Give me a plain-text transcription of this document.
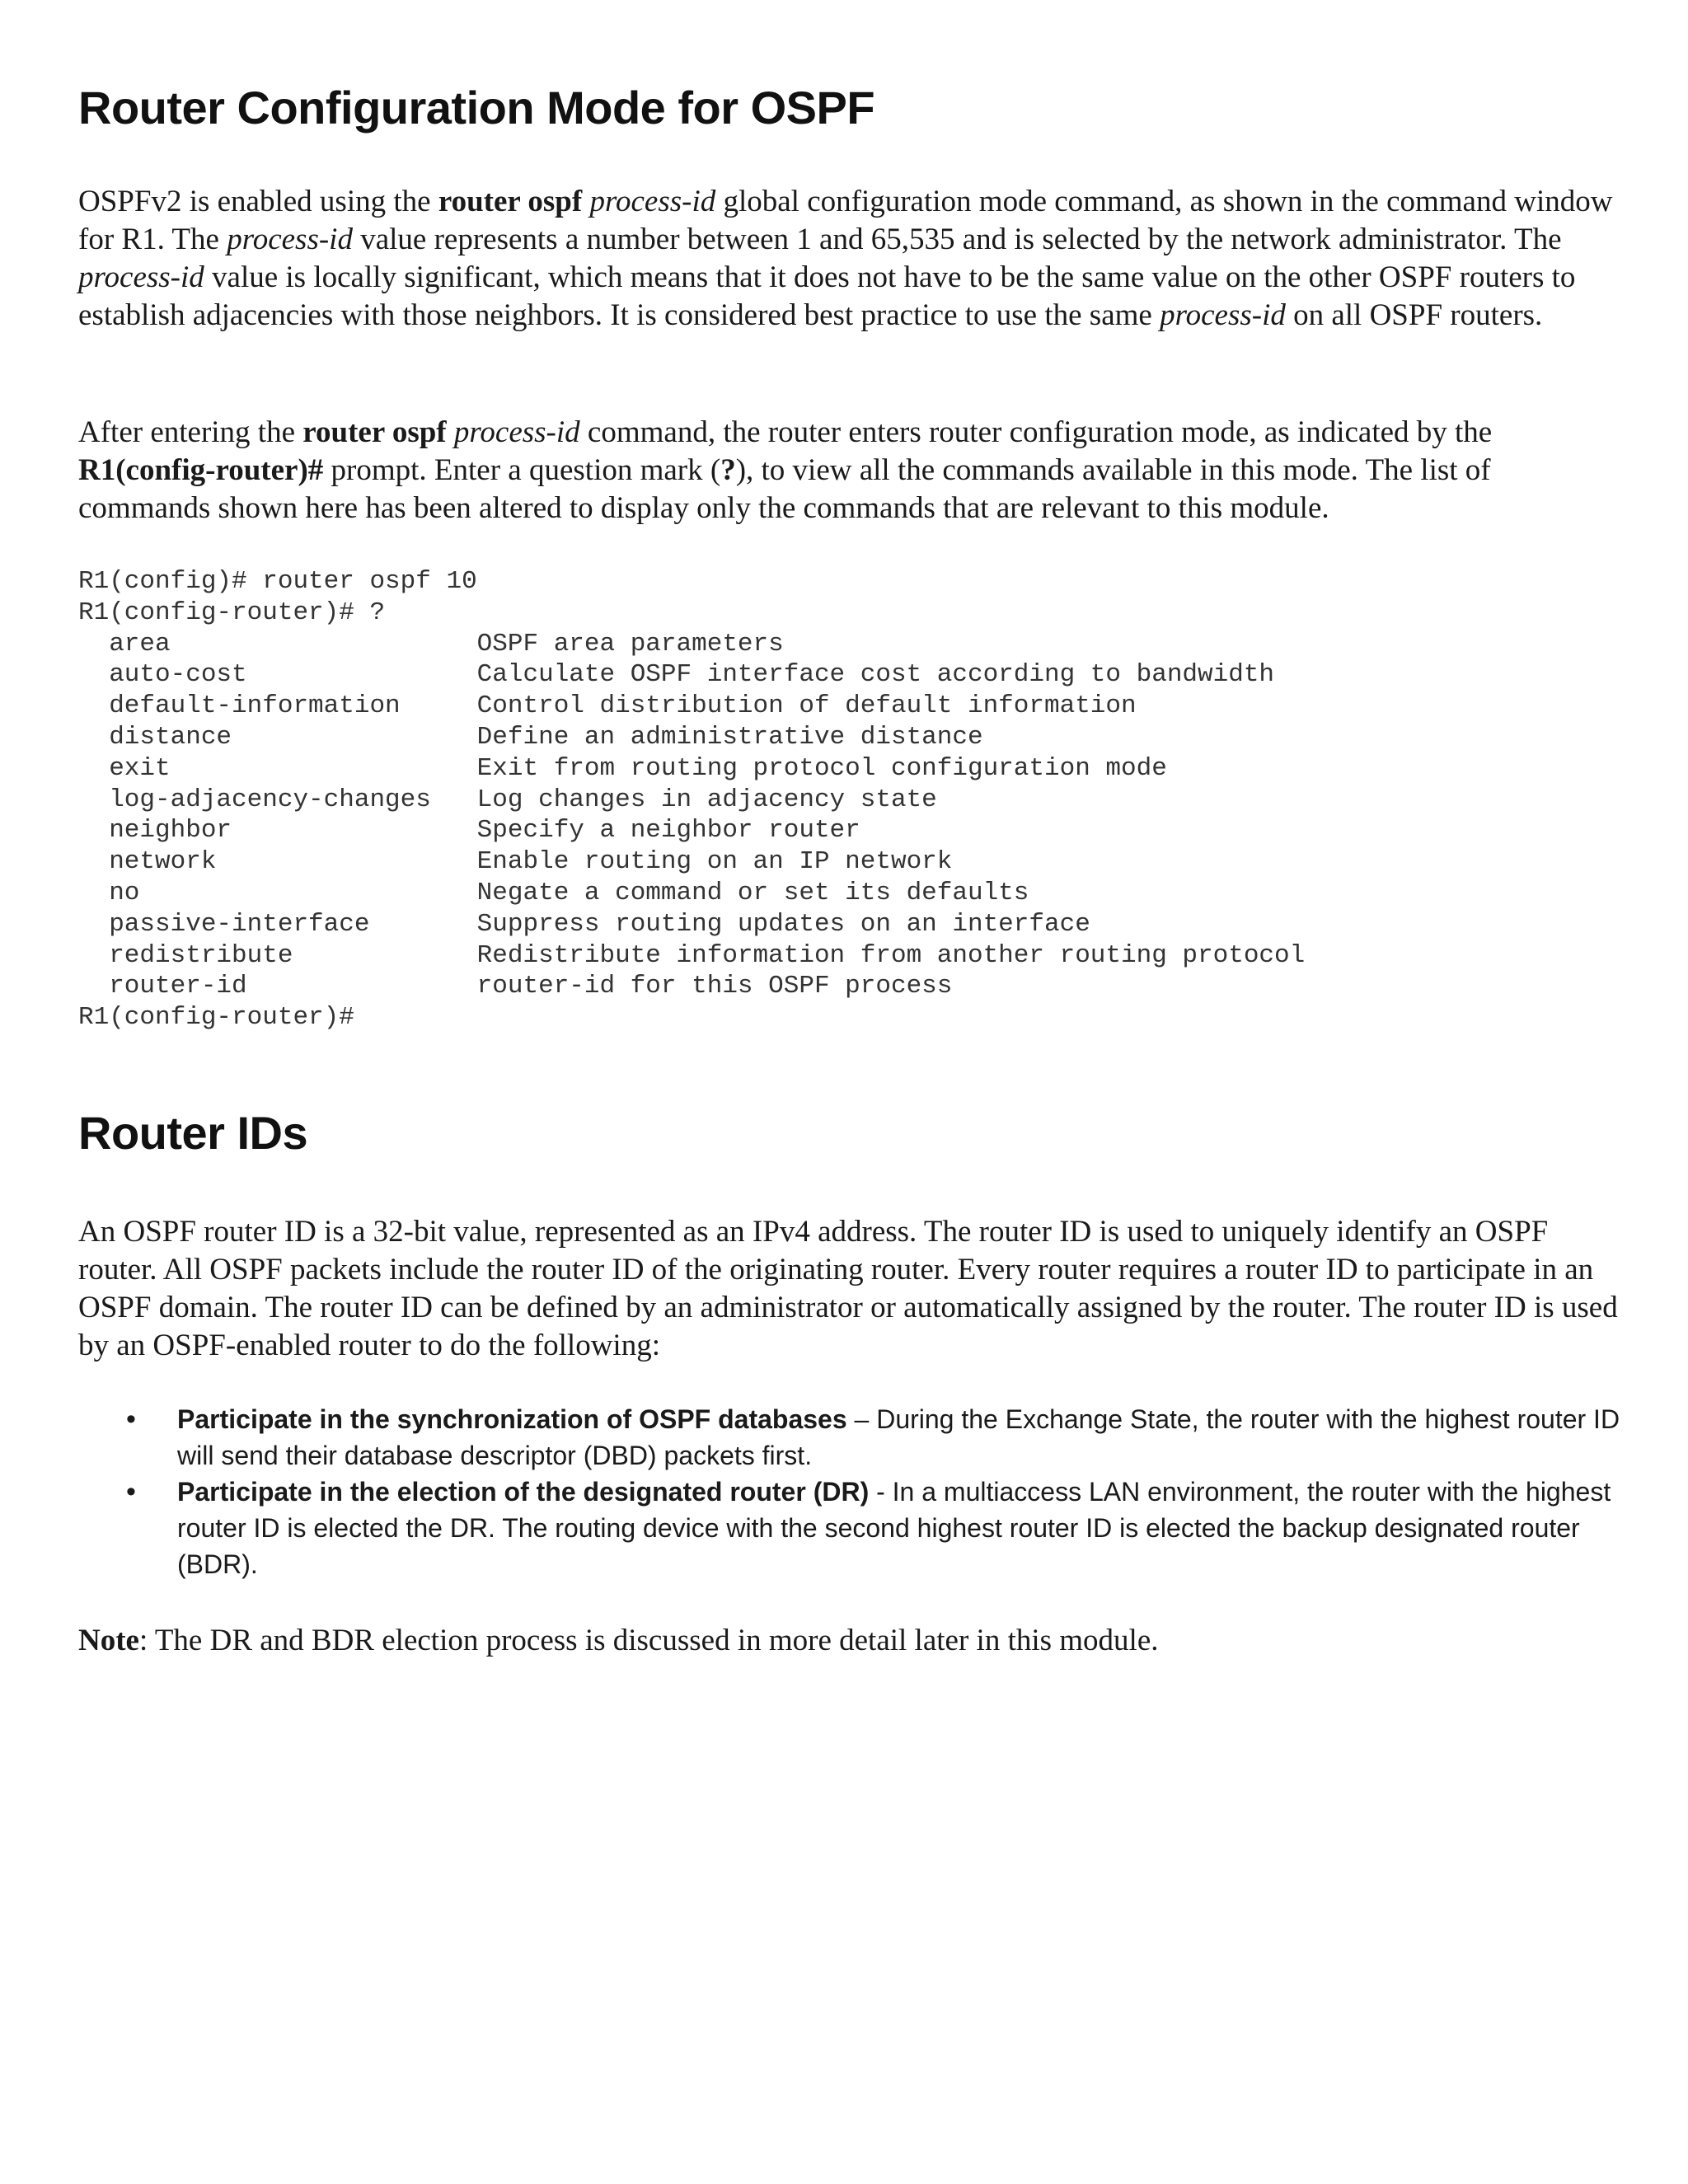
Router Configuration Mode for OSPF

OSPFv2 is enabled using the router ospf process-id global configuration mode command, as shown in the command window for R1. The process-id value represents a number between 1 and 65,535 and is selected by the network administrator. The process-id value is locally significant, which means that it does not have to be the same value on the other OSPF routers to establish adjacencies with those neighbors. It is considered best practice to use the same process-id on all OSPF routers.

After entering the router ospf process-id command, the router enters router configuration mode, as indicated by the R1(config-router)# prompt. Enter a question mark (?), to view all the commands available in this mode. The list of commands shown here has been altered to display only the commands that are relevant to this module.

R1(config)# router ospf 10
R1(config-router)# ?
area                    OSPF area parameters
auto-cost               Calculate OSPF interface cost according to bandwidth
default-information     Control distribution of default information
distance                Define an administrative distance
exit                    Exit from routing protocol configuration mode
log-adjacency-changes   Log changes in adjacency state
neighbor                Specify a neighbor router
network                 Enable routing on an IP network
no                      Negate a command or set its defaults
passive-interface       Suppress routing updates on an interface
redistribute            Redistribute information from another routing protocol
router-id               router-id for this OSPF process
R1(config-router)#
Router IDs

An OSPF router ID is a 32-bit value, represented as an IPv4 address. The router ID is used to uniquely identify an OSPF router. All OSPF packets include the router ID of the originating router. Every router requires a router ID to participate in an OSPF domain. The router ID can be defined by an administrator or automatically assigned by the router. The router ID is used by an OSPF-enabled router to do the following:

• Participate in the synchronization of OSPF databases – During the Exchange State, the router with the highest router ID will send their database descriptor (DBD) packets first.
• Participate in the election of the designated router (DR) - In a multiaccess LAN environment, the router with the highest router ID is elected the DR. The routing device with the second highest router ID is elected the backup designated router (BDR).

Note: The DR and BDR election process is discussed in more detail later in this module.
